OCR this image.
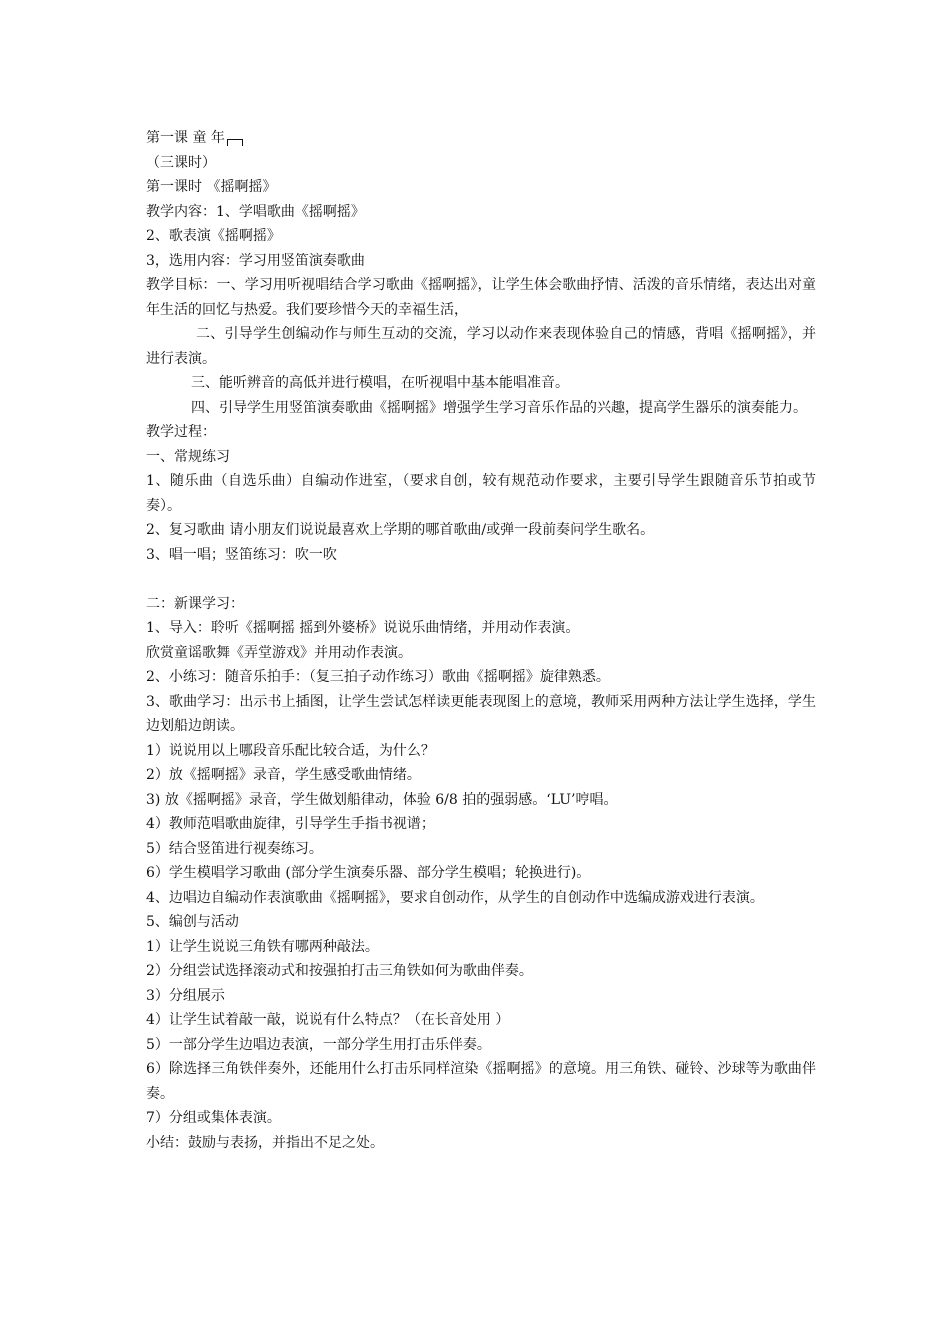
第一课 童 年
（三课时）
第一课时 《摇啊摇》
教学内容：1、学唱歌曲《摇啊摇》
2、歌表演《摇啊摇》
3，选用内容：学习用竖笛演奏歌曲
教学目标：一、学习用听视唱结合学习歌曲《摇啊摇》，让学生体会歌曲抒情、活泼的音乐情绪，表达出对童年生活的回忆与热爱。我们要珍惜今天的幸福生活，
二、引导学生创编动作与师生互动的交流，学习以动作来表现体验自己的情感，背唱《摇啊摇》，并进行表演。
三、能听辨音的高低并进行模唱，在听视唱中基本能唱准音。
四、引导学生用竖笛演奏歌曲《摇啊摇》增强学生学习音乐作品的兴趣，提高学生器乐的演奏能力。
教学过程：
一、常规练习
1、随乐曲（自选乐曲）自编动作进室，（要求自创，较有规范动作要求，主要引导学生跟随音乐节拍或节奏）。
2、复习歌曲 请小朋友们说说最喜欢上学期的哪首歌曲/或弹一段前奏问学生歌名。
3、唱一唱；竖笛练习：吹一吹
二：新课学习：
1、导入：聆听《摇啊摇 摇到外婆桥》说说乐曲情绪，并用动作表演。
欣赏童谣歌舞《弄堂游戏》并用动作表演。
2、小练习：随音乐拍手：（复三拍子动作练习）歌曲《摇啊摇》旋律熟悉。
3、歌曲学习：出示书上插图，让学生尝试怎样读更能表现图上的意境，教师采用两种方法让学生选择，学生边划船边朗读。
1）说说用以上哪段音乐配比较合适，为什么？
2）放《摇啊摇》录音，学生感受歌曲情绪。
3) 放《摇啊摇》录音，学生做划船律动，体验 6/8 拍的强弱感。‘LU’哼唱。
4）教师范唱歌曲旋律，引导学生手指书视谱；
5）结合竖笛进行视奏练习。
6）学生模唱学习歌曲 (部分学生演奏乐器、部分学生模唱；轮换进行)。
4、边唱边自编动作表演歌曲《摇啊摇》，要求自创动作，从学生的自创动作中选编成游戏进行表演。
5、编创与活动
1）让学生说说三角铁有哪两种敲法。
2）分组尝试选择滚动式和按强拍打击三角铁如何为歌曲伴奏。
3）分组展示
4）让学生试着敲一敲，说说有什么特点？（在长音处用 ）
5）一部分学生边唱边表演，一部分学生用打击乐伴奏。
6）除选择三角铁伴奏外，还能用什么打击乐同样渲染《摇啊摇》的意境。用三角铁、碰铃、沙球等为歌曲伴奏。
7）分组或集体表演。
小结：鼓励与表扬，并指出不足之处。
